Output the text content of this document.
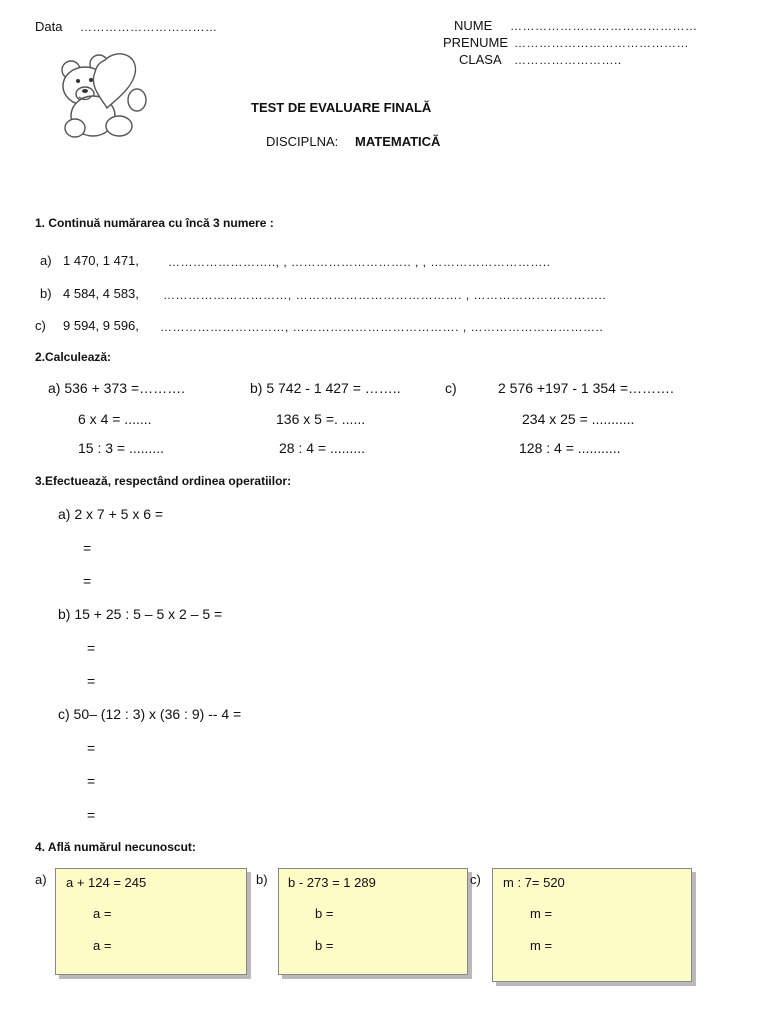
Data ……………………………	NUME ………………………………………
PRENUME ……………………………………
CLASA ……………………..
TEST DE EVALUARE FINALĂ
DISCIPLNA: MATEMATICĂ
1. Continuă numărarea cu încă 3 numere :
a) 1 470, 1 471, …………………….., , ……………………….. , , ………………………..
b) 4 584, 4 583, …………………………, …………………………………. , …………………………..
c) 9 594, 9 596, …………………………, …………………………………. , …………………………..
2.Calculează:
a) 536 + 373 =……….	b) 5 742 - 1 427 = ……..	c)	2 576 +197 - 1 354 =……….
6 x 4 = .......	136 x 5 =. ......	234 x 25 = ...........
15 : 3 = .........	28 : 4 = .........	128 : 4 = ...........
3.Efectuează, respectând ordinea operatiilor:
a) 2 x 7 + 5 x 6 =
=
=
b) 15 + 25 : 5 – 5 x 2 – 5 =
=
=
c) 50– (12 : 3) x (36 : 9) -- 4 =
=
=
=
4. Află numărul necunoscut:
a) a + 124 = 245
a =
a =
b) b - 273 = 1 289
b =
b =
c) m : 7= 520
m =
m =
